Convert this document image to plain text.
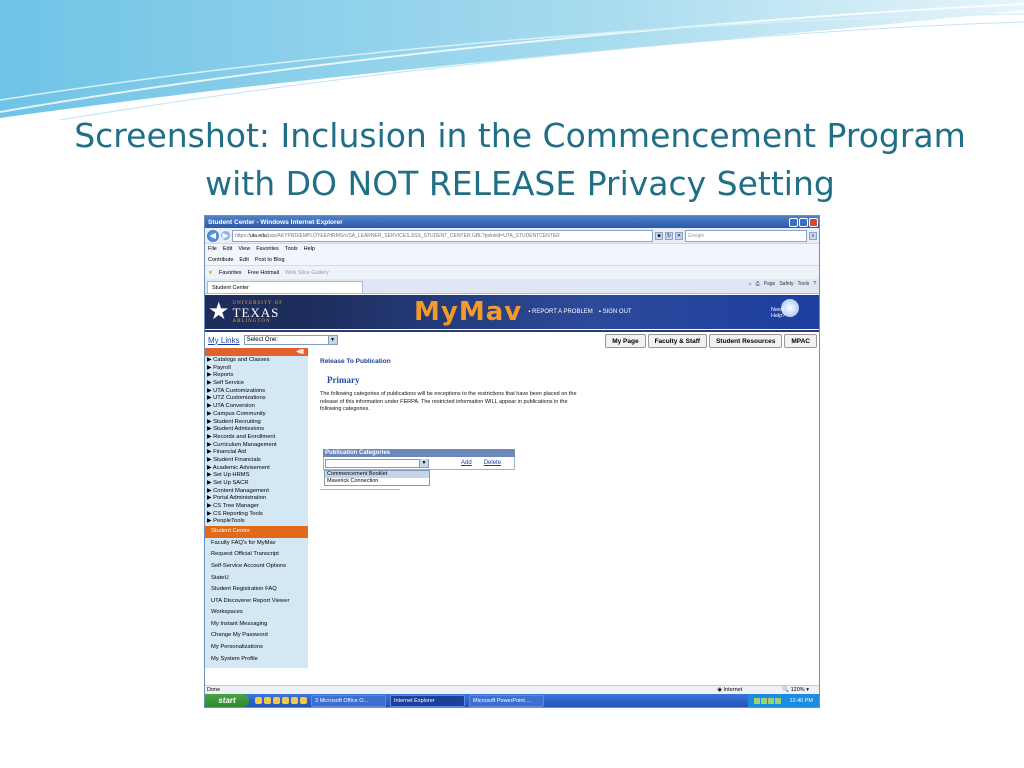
Screenshot: Inclusion in the Commencement Program
with DO NOT RELEASE Privacy Setting
Student Center - Windows Internet Explorer
◀ ▶ https:// uta.edu /psp/AKYPRD/EMPLOYEE/HRMS/c/SA_LEARNER_SERVICES.SSS_STUDENT_CENTER.GBL?pslnkid=UTA_STUDENTCENTER	■	↻	✕	Google	⌕
File Edit View Favorites Tools Help
Contribute Edit Post to Blog
★ Favorites Free Hotmail Web Slice Gallery
Student Center
⌂ ⎙ Page Safety Tools ?
★ UNIVERSITY OF
TEXAS
ARLINGTON	MyMav ▪ REPORT A PROBLEM ▪ SIGN OUT	Need Help?
My Links Select One:	▼	My Page	Faculty & Staff	Student Resources	MPAC
◀▮
▶ Catalogs and Classes
▶ Payroll
▶ Reports
▶ Self Service
▶ UTA Customizations
▶ UTZ Customizations
▶ UTA Conversion
▶ Campus Community
▶ Student Recruiting
▶ Student Admissions
▶ Records and Enrollment
▶ Curriculum Management
▶ Financial Aid
▶ Student Financials
▶ Academic Advisement
▶ Set Up HRMS
▶ Set Up SACR
▶ Content Management
▶ Portal Administration
▶ CS Tree Manager
▶ CS Reporting Tools
▶ PeopleTools
Student Center
Faculty FAQ's for MyMav
Request Official Transcript
Self-Service Account Options
StateU
Student Registration FAQ
UTA Discoverer Report Viewer
Workspaces
My Instant Messaging
Change My Password
My Personalizations
My System Profile
Release To Publication
Primary
The following categories of publications will be exceptions to the restrictions that have been placed on the release of this information under FERPA. The restricted information WILL appear in publications in the following categories.
Publication Categories
▼	Add Delete
Commencement Booklet
Maverick Connection
Done	◉ Internet	🔍 120% ▾
start	3 Microsoft Office O...	Internet Explorer	Microsoft PowerPoint ...	12:40 PM
